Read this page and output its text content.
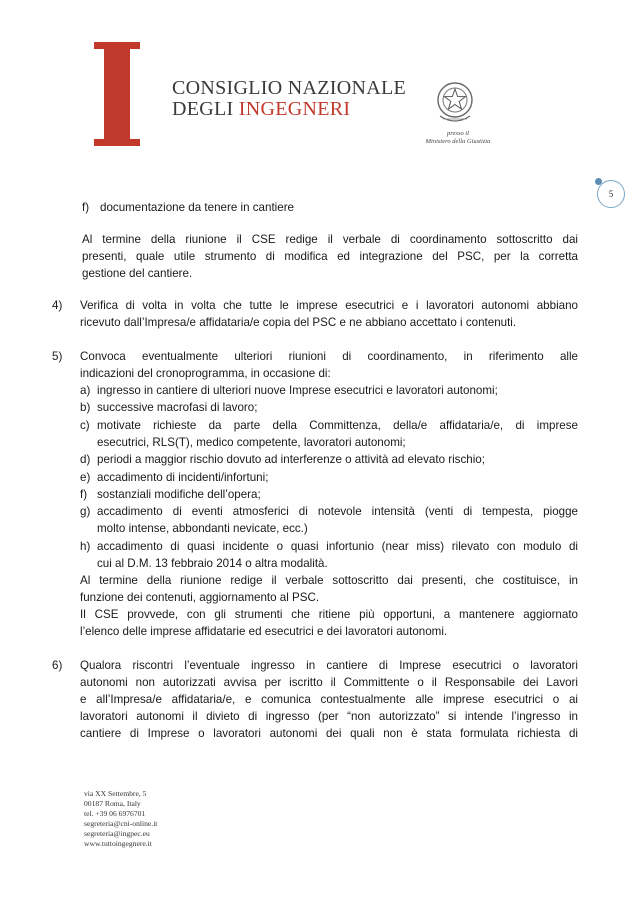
CONSIGLIO NAZIONALE
DEGLI INGEGNERI
presso il
Ministero della Giustizia
5
f) documentazione da tenere in cantiere
Al termine della riunione il CSE redige il verbale di coordinamento sottoscritto dai
presenti, quale utile strumento di modifica ed integrazione del PSC, per la corretta
gestione del cantiere.
4) Verifica di volta in volta che tutte le imprese esecutrici e i lavoratori autonomi abbiano
ricevuto dall’Impresa/e affidataria/e copia del PSC e ne abbiano accettato i contenuti.
5) Convoca eventualmente ulteriori riunioni di coordinamento, in riferimento alle
indicazioni del cronoprogramma, in occasione di:
a) ingresso in cantiere di ulteriori nuove Imprese esecutrici e lavoratori autonomi;
b) successive macrofasi di lavoro;
c) motivate richieste da parte della Committenza, della/e affidataria/e, di imprese
esecutrici, RLS(T), medico competente, lavoratori autonomi;
d) periodi a maggior rischio dovuto ad interferenze o attività ad elevato rischio;
e) accadimento di incidenti/infortuni;
f) sostanziali modifiche dell’opera;
g) accadimento di eventi atmosferici di notevole intensità (venti di tempesta, piogge
molto intense, abbondanti nevicate, ecc.)
h) accadimento di quasi incidente o quasi infortunio (near miss) rilevato con modulo di
cui al D.M. 13 febbraio 2014 o altra modalità.
Al termine della riunione redige il verbale sottoscritto dai presenti, che costituisce, in
funzione dei contenuti, aggiornamento al PSC.
Il CSE provvede, con gli strumenti che ritiene più opportuni, a mantenere aggiornato
l’elenco delle imprese affidatarie ed esecutrici e dei lavoratori autonomi.
6) Qualora riscontri l’eventuale ingresso in cantiere di Imprese esecutrici o lavoratori
autonomi non autorizzati avvisa per iscritto il Committente o il Responsabile dei Lavori
e all’Impresa/e affidataria/e, e comunica contestualmente alle imprese esecutrici o ai
lavoratori autonomi il divieto di ingresso (per “non autorizzato” si intende l’ingresso in
cantiere di Imprese o lavoratori autonomi dei quali non è stata formulata richiesta di
via XX Settembre, 5
00187 Roma, Italy
tel. +39 06 6976701
segreteria@cni-online.it
segreteria@ingpec.eu
www.tuttoingegnere.it
